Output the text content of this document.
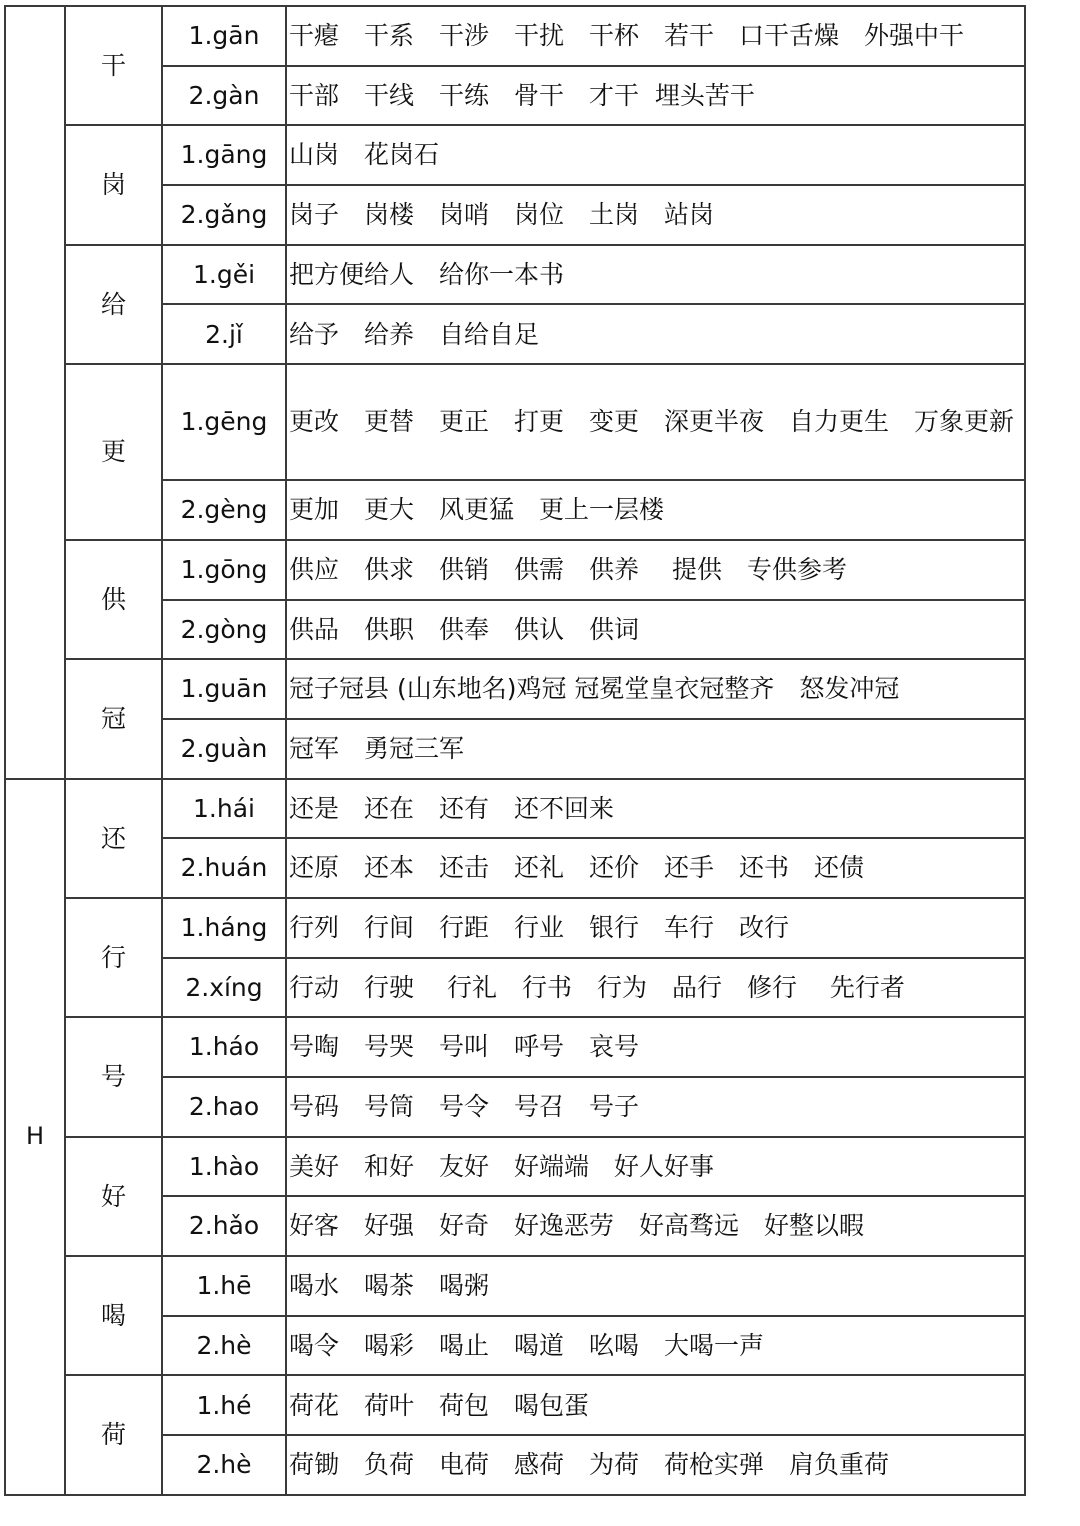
	干	1.gān	干瘪　干系　干涉　干扰　干杯　若干　口干舌燥　外强中干
		2.gàn	干部　干线　干练　骨干　才干  埋头苦干
	岗	1.gāng	山岗　花岗石
		2.gǎng	岗子　岗楼　岗哨　岗位　土岗　站岗
	给	1.gěi	把方便给人　给你一本书
		2.jǐ	给予　给养　自给自足
	更	1.gēng	更改　更替　更正　打更　变更　深更半夜　自力更生　万象更新
		2.gèng	更加　更大　风更猛　更上一层楼
	供	1.gōng	供应　供求　供销　供需　供养　 提供　专供参考
		2.gòng	供品　供职　供奉　供认　供词
	冠	1.guān	冠子冠县 (山东地名)鸡冠 冠冕堂皇衣冠整齐　怒发冲冠
		2.guàn	冠军　勇冠三军
H	还	1.hái	还是　还在　还有　还不回来
		2.huán	还原　还本　还击　还礼　还价　还手　还书　还债
	行	1.háng	行列　行间　行距　行业　银行　车行　改行
		2.xíng	行动　行驶　 行礼　行书　行为　品行　修行　 先行者
	号	1.háo	号啕　号哭　号叫　呼号　哀号
		2.hao	号码　号筒　号令　号召　号子
	好	1.hào	美好　和好　友好　好端端　好人好事
		2.hǎo	好客　好强　好奇　好逸恶劳　好高骛远　好整以暇
	喝	1.hē	喝水　喝茶　喝粥
		2.hè	喝令　喝彩　喝止　喝道　吆喝　大喝一声
	荷	1.hé	荷花　荷叶　荷包　喝包蛋
		2.hè	荷锄　负荷　电荷　感荷　为荷　荷枪实弹　肩负重荷
